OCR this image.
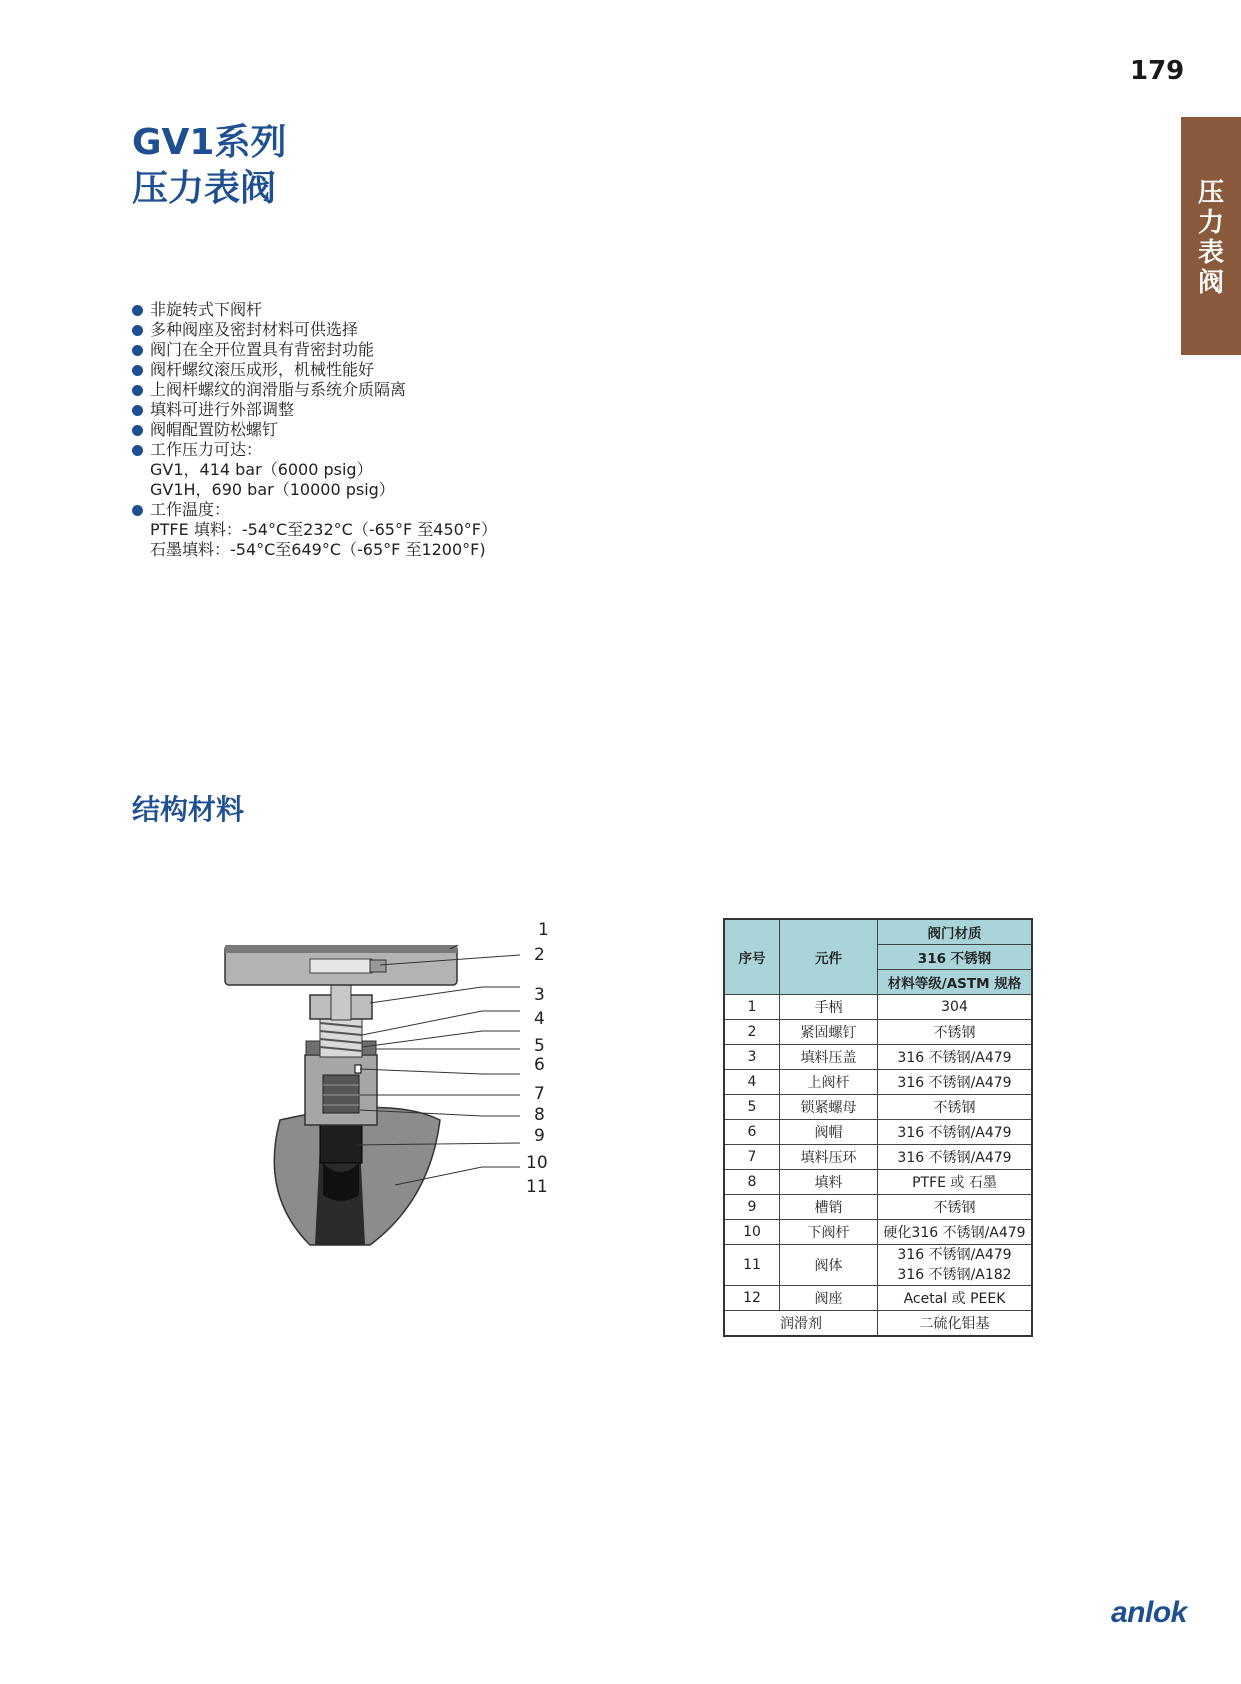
179
压
力
表
阀
GV1系列
压力表阀
非旋转式下阀杆
多种阀座及密封材料可供选择
阀门在全开位置具有背密封功能
阀杆螺纹滚压成形，机械性能好
上阀杆螺纹的润滑脂与系统介质隔离
填料可进行外部调整
阀帽配置防松螺钉
工作压力可达：
GV1，414 bar（6000 psig）
GV1H，690 bar（10000 psig）
工作温度：
PTFE 填料：-54°C至232°C（-65°F 至450°F）
石墨填料：-54°C至649°C（-65°F 至1200°F)
结构材料
1
2
3
4
5
6
7
8
9
10
11
序号	元件	阀门材质
		316 不锈钢
		材料等级/ASTM 规格
1	手柄	304

2	紧固螺钉	不锈钢

3	填料压盖	316 不锈钢/A479

4	上阀杆	316 不锈钢/A479

5	锁紧螺母	不锈钢

6	阀帽	316 不锈钢/A479

7	填料压环	316 不锈钢/A479

8	填料	PTFE 或 石墨

9	槽销	不锈钢

10	下阀杆	硬化316 不锈钢/A479

11	阀体	316 不锈钢/A479
316 不锈钢/A182

12	阀座	Acetal 或 PEEK

润滑剂		二硫化钼基
anlok
